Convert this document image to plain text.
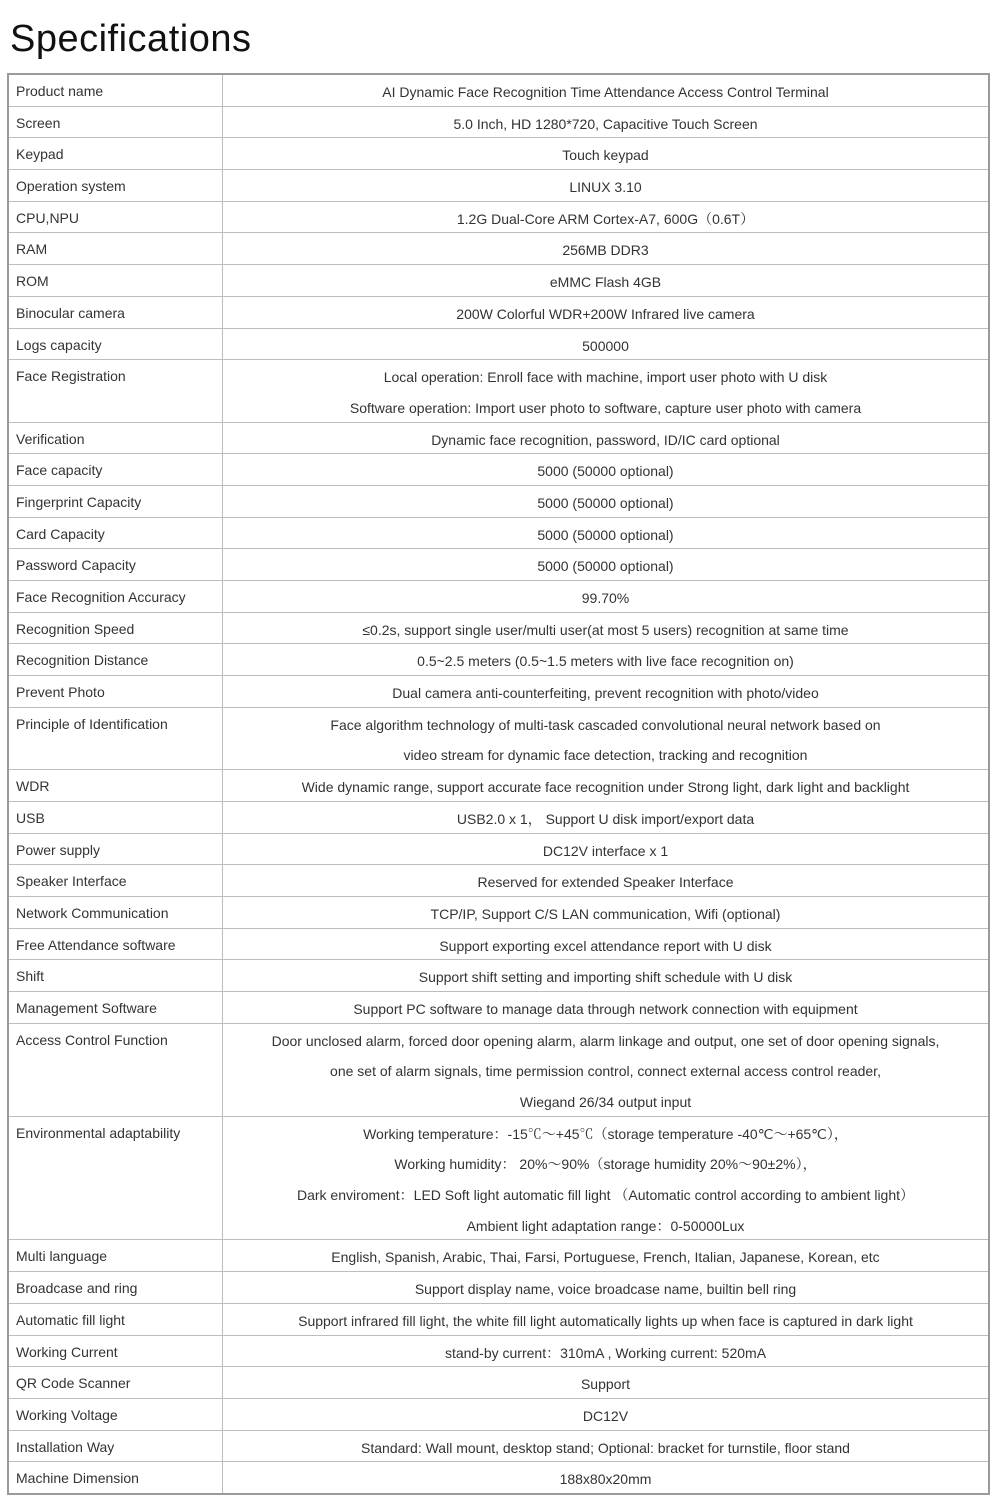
Specifications
Product name	AI Dynamic Face Recognition Time Attendance Access Control Terminal

Screen	5.0 Inch, HD 1280*720, Capacitive Touch Screen

Keypad	Touch keypad

Operation system	LINUX 3.10

CPU,NPU	1.2G Dual-Core ARM Cortex-A7, 600G（0.6T）

RAM	256MB DDR3

ROM	eMMC Flash 4GB

Binocular camera	200W Colorful WDR+200W Infrared live camera

Logs capacity	500000

Face Registration	Local operation: Enroll face with machine, import user photo with U disk
Software operation: Import user photo to software, capture user photo with camera

Verification	Dynamic face recognition, password, ID/IC card optional

Face capacity	5000 (50000 optional)

Fingerprint Capacity	5000 (50000 optional)

Card Capacity	5000 (50000 optional)

Password Capacity	5000 (50000 optional)

Face Recognition Accuracy	99.70%

Recognition Speed	≤0.2s, support single user/multi user(at most 5 users) recognition at same time

Recognition Distance	0.5~2.5 meters (0.5~1.5 meters with live face recognition on)

Prevent Photo	Dual camera anti-counterfeiting, prevent recognition with photo/video

Principle of Identification	Face algorithm technology of multi-task cascaded convolutional neural network based on
video stream for dynamic face detection, tracking and recognition

WDR	Wide dynamic range, support accurate face recognition under Strong light, dark light and backlight

USB	USB2.0 x 1， Support U disk import/export data

Power supply	DC12V interface x 1

Speaker Interface	Reserved for extended Speaker Interface

Network Communication	TCP/IP, Support C/S LAN communication, Wifi (optional)

Free Attendance software	Support exporting excel attendance report with U disk

Shift	Support shift setting and importing shift schedule with U disk

Management Software	Support PC software to manage data through network connection with equipment

Access Control Function	Door unclosed alarm, forced door opening alarm, alarm linkage and output, one set of door opening signals,
one set of alarm signals, time permission control, connect external access control reader,
Wiegand 26/34 output input

Environmental adaptability	Working temperature：-15℃～+45℃（storage temperature -40℃～+65℃），
Working humidity： 20%～90%（storage humidity 20%～90±2%），
Dark enviroment：LED Soft light automatic fill light （Automatic control according to ambient light）
Ambient light adaptation range：0-50000Lux

Multi language	English, Spanish, Arabic, Thai, Farsi, Portuguese, French, Italian, Japanese, Korean, etc

Broadcase and ring	Support display name, voice broadcase name, builtin bell ring

Automatic fill light	Support infrared fill light, the white fill light automatically lights up when face is captured in dark light

Working Current	stand-by current：310mA , Working current: 520mA

QR Code Scanner	Support

Working Voltage	DC12V

Installation Way	Standard: Wall mount, desktop stand; Optional: bracket for turnstile, floor stand

Machine Dimension	188x80x20mm
